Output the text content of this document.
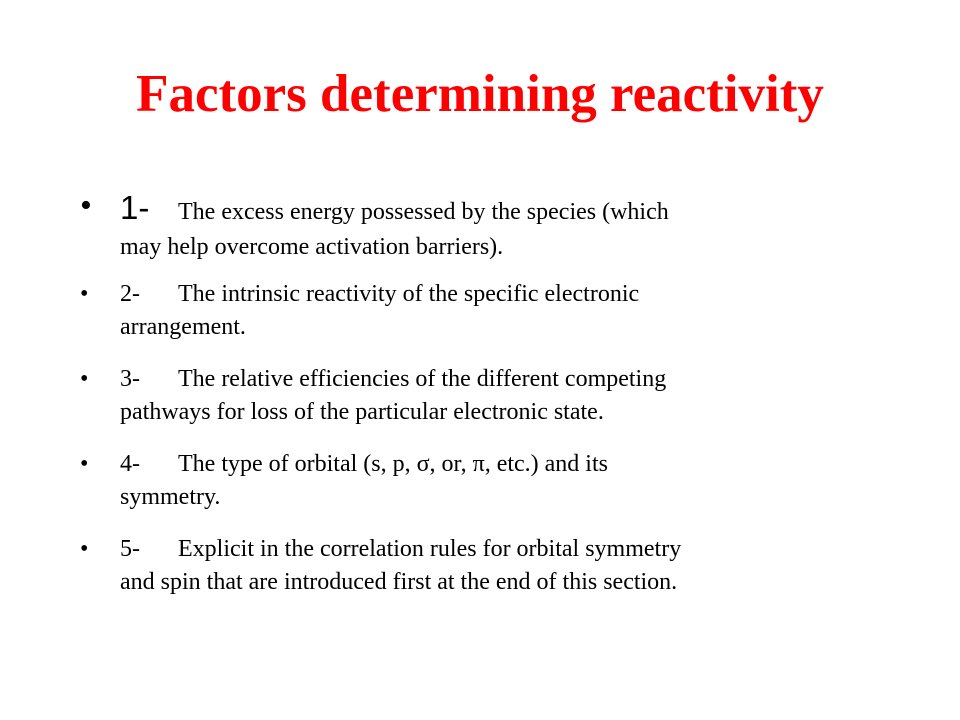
Factors determining reactivity
• 1- The excess energy possessed by the species (which
may help overcome activation barriers).
• 2- The intrinsic reactivity of the specific electronic
arrangement.
• 3- The relative efficiencies of the different competing
pathways for loss of the particular electronic state.
• 4- The type of orbital (s, p, σ, or, π, etc.) and its
symmetry.
• 5- Explicit in the correlation rules for orbital symmetry
and spin that are introduced first at the end of this section.
